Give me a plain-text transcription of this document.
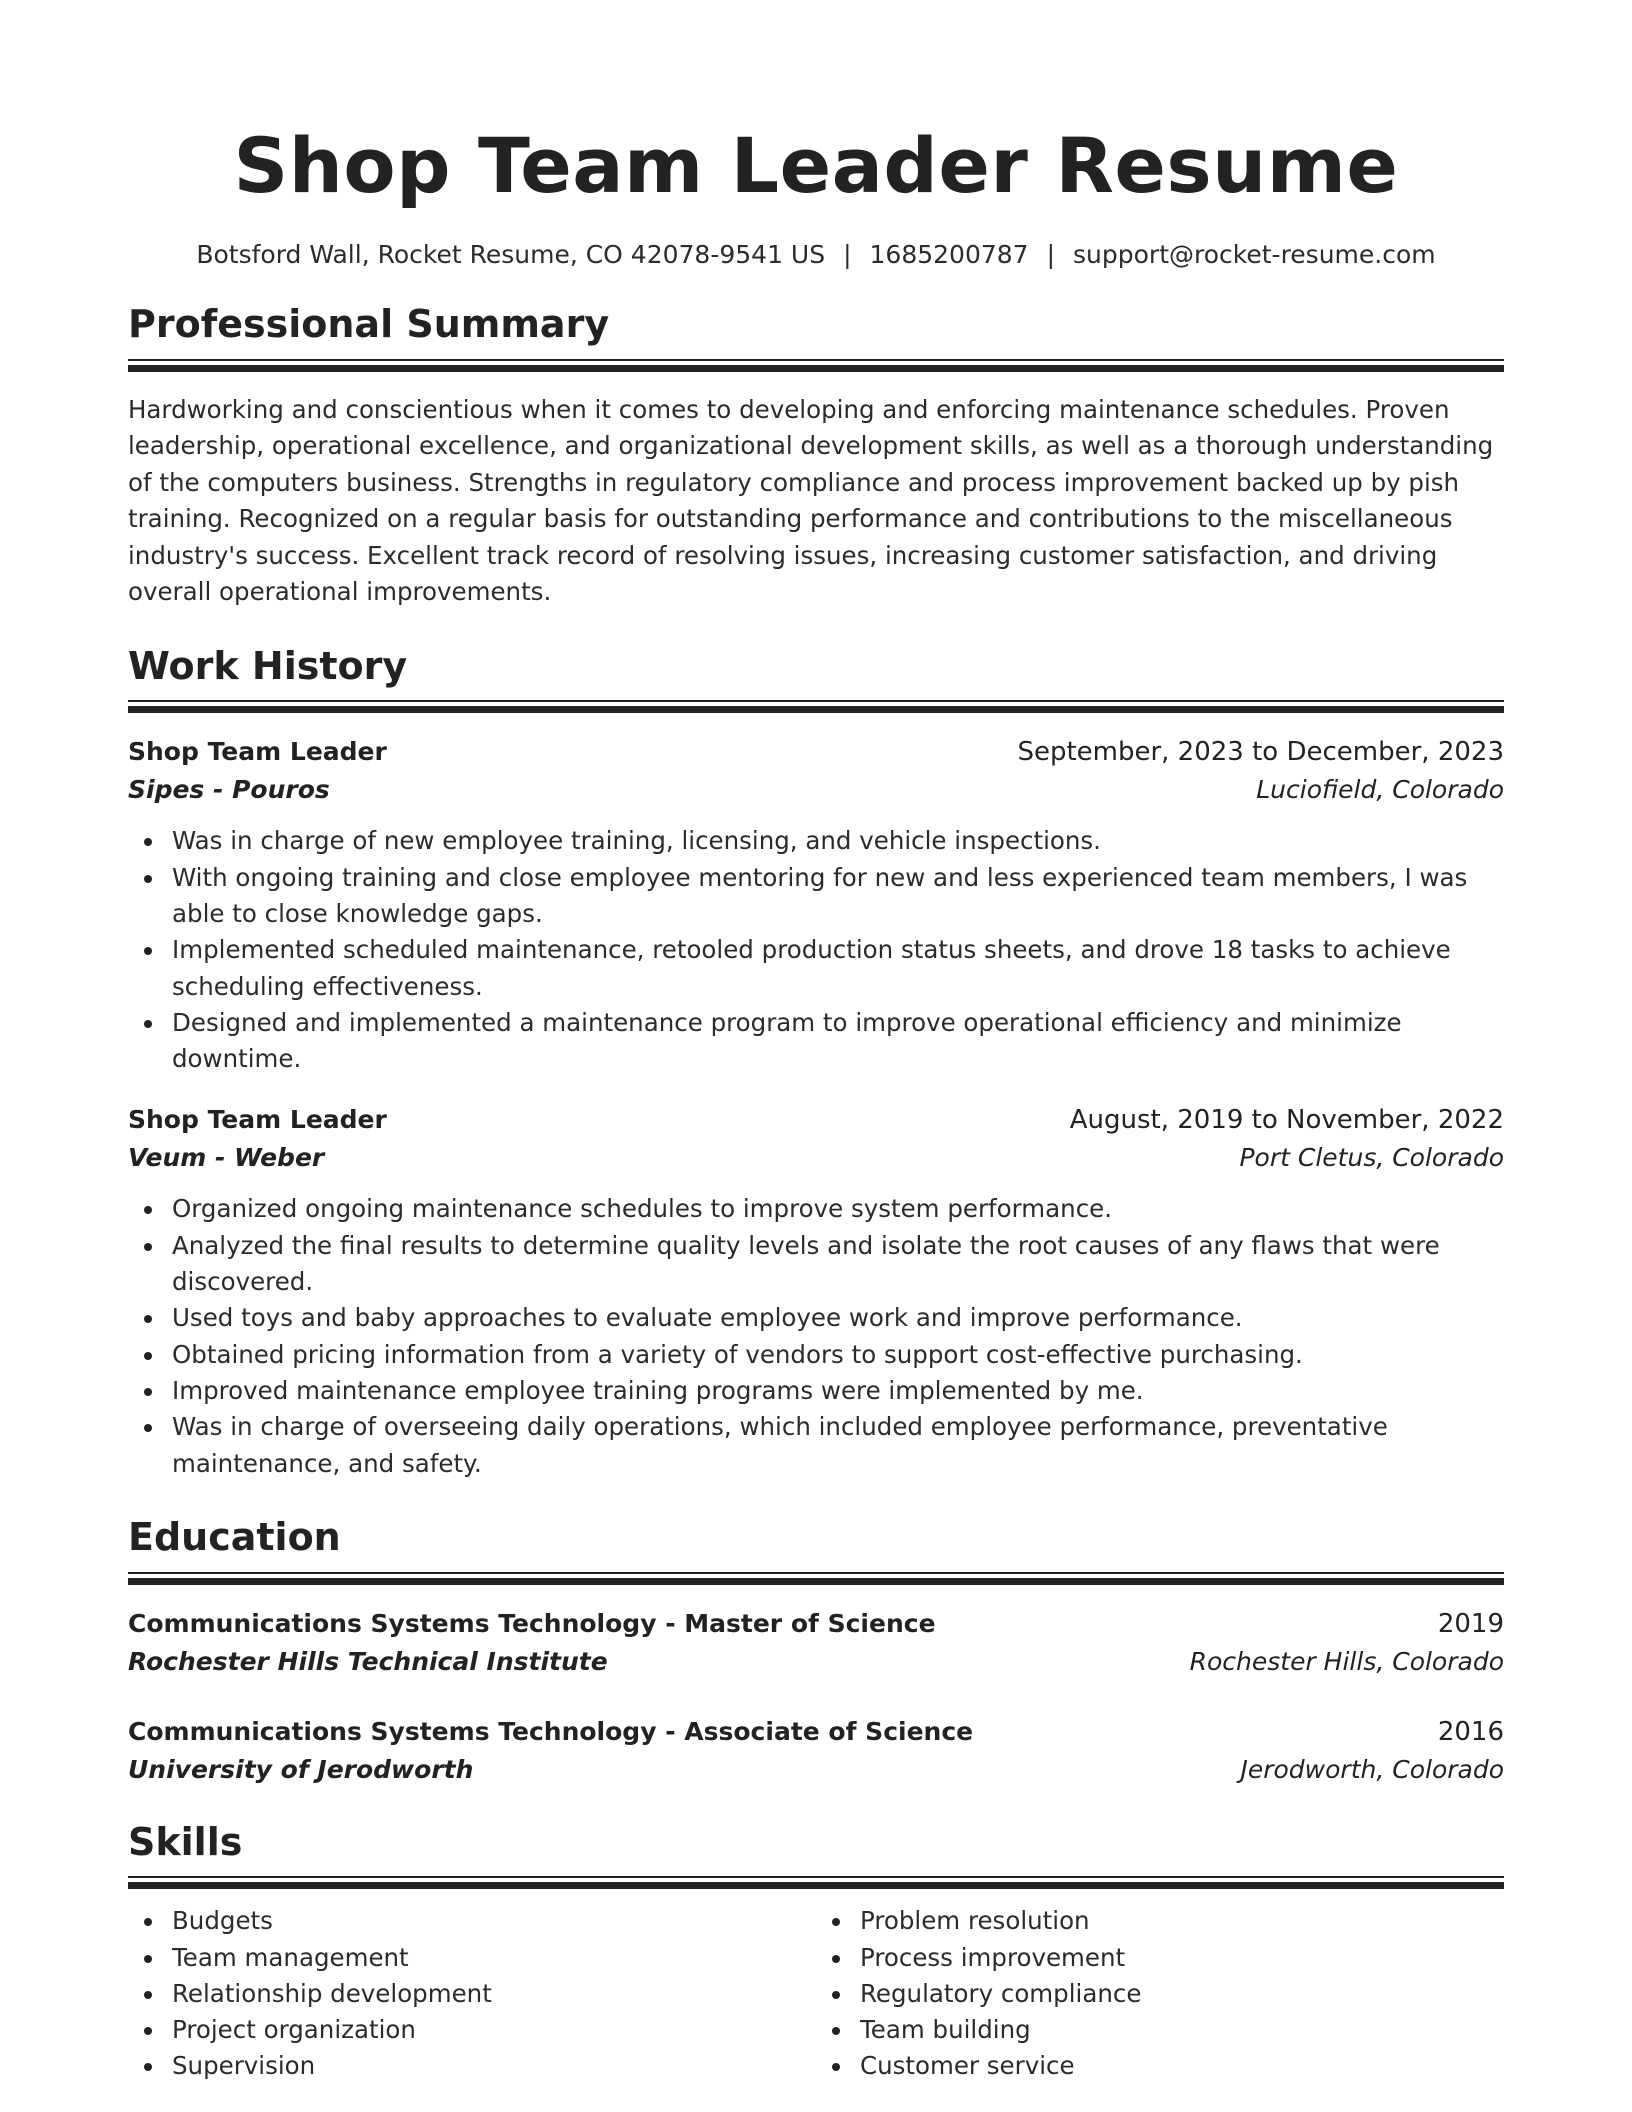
Shop Team Leader Resume
Botsford Wall, Rocket Resume, CO 42078-9541 US | 1685200787 | support@rocket-resume.com
Professional Summary

Hardworking and conscientious when it comes to developing and enforcing maintenance schedules. Proven leadership, operational excellence, and organizational development skills, as well as a thorough understanding of the computers business. Strengths in regulatory compliance and process improvement backed up by pish training. Recognized on a regular basis for outstanding performance and contributions to the miscellaneous industry's success. Excellent track record of resolving issues, increasing customer satisfaction, and driving overall operational improvements.

Work History
Shop Team Leader	September, 2023 to December, 2023
Sipes - Pouros	Luciofield, Colorado
Was in charge of new employee training, licensing, and vehicle inspections.
With ongoing training and close employee mentoring for new and less experienced team members, I was able to close knowledge gaps.
Implemented scheduled maintenance, retooled production status sheets, and drove 18 tasks to achieve scheduling effectiveness.
Designed and implemented a maintenance program to improve operational efficiency and minimize downtime.
Shop Team Leader	August, 2019 to November, 2022
Veum - Weber	Port Cletus, Colorado
Organized ongoing maintenance schedules to improve system performance.
Analyzed the final results to determine quality levels and isolate the root causes of any flaws that were discovered.
Used toys and baby approaches to evaluate employee work and improve performance.
Obtained pricing information from a variety of vendors to support cost-effective purchasing.
Improved maintenance employee training programs were implemented by me.
Was in charge of overseeing daily operations, which included employee performance, preventative maintenance, and safety.
Education
Communications Systems Technology - Master of Science	2019
Rochester Hills Technical Institute	Rochester Hills, Colorado
Communications Systems Technology - Associate of Science	2016
University of Jerodworth	Jerodworth, Colorado
Skills
Budgets
Team management
Relationship development
Project organization
Supervision
Problem resolution
Process improvement
Regulatory compliance
Team building
Customer service
